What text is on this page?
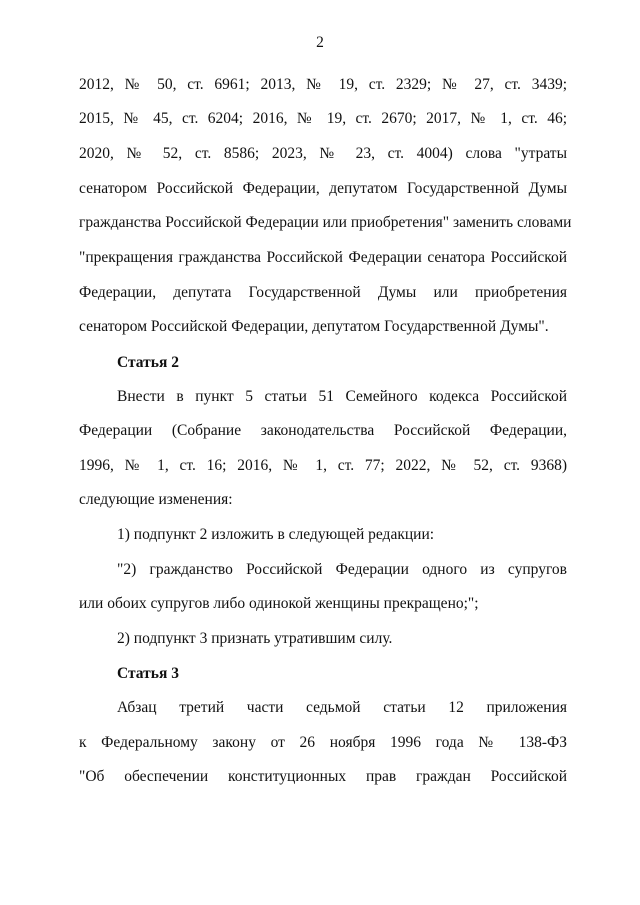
2
2012, № 50, ст. 6961; 2013, № 19, ст. 2329; № 27, ст. 3439;
2015, № 45, ст. 6204; 2016, № 19, ст. 2670; 2017, № 1, ст. 46;
2020, № 52, ст. 8586; 2023, № 23, ст. 4004) слова "утраты
сенатором Российской Федерации, депутатом Государственной Думы
гражданства Российской Федерации или приобретения" заменить словами
"прекращения гражданства Российской Федерации сенатора Российской
Федерации, депутата Государственной Думы или приобретения
сенатором Российской Федерации, депутатом Государственной Думы".
Статья 2
Внести в пункт 5 статьи 51 Семейного кодекса Российской
Федерации (Собрание законодательства Российской Федерации,
1996, № 1, ст. 16; 2016, № 1, ст. 77; 2022, № 52, ст. 9368)
следующие изменения:
1) подпункт 2 изложить в следующей редакции:
"2) гражданство Российской Федерации одного из супругов
или обоих супругов либо одинокой женщины прекращено;";
2) подпункт 3 признать утратившим силу.
Статья 3
Абзац третий части седьмой статьи 12 приложения
к Федеральному закону от 26 ноября 1996 года № 138-ФЗ
"Об обеспечении конституционных прав граждан Российской
